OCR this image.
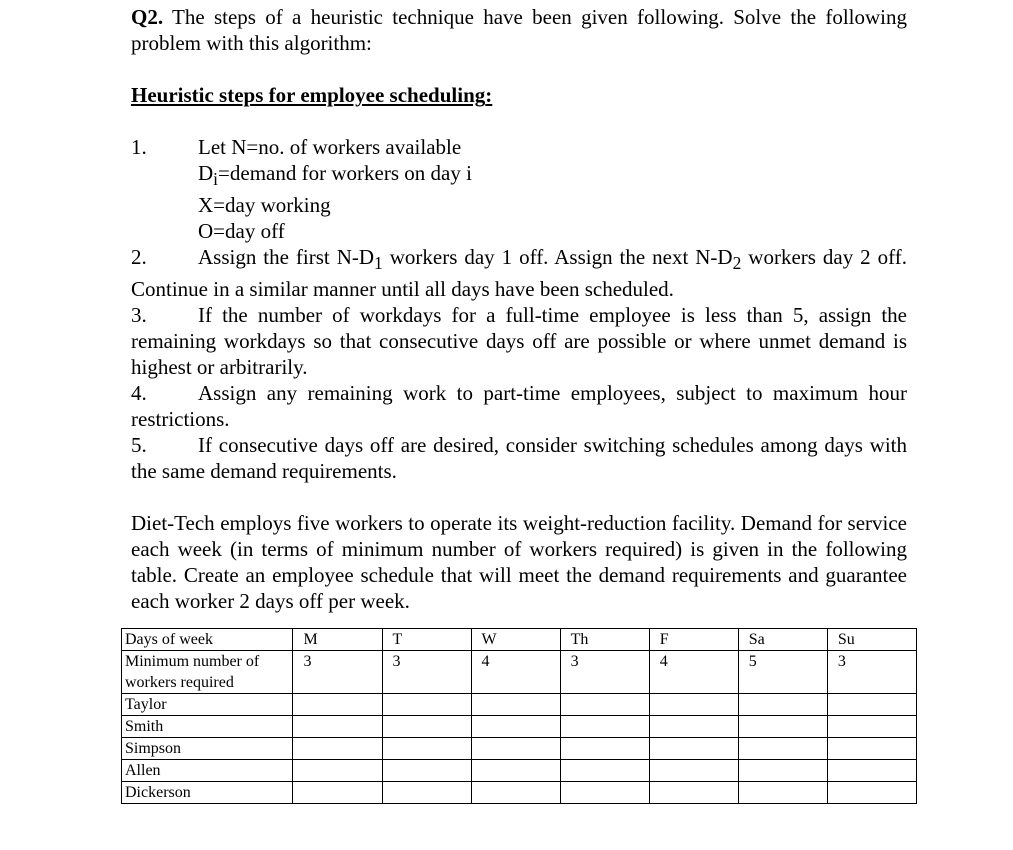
Q2. The steps of a heuristic technique have been given following. Solve the following problem with this algorithm:
Heuristic steps for employee scheduling:
1.	Let N=no. of workers available
$D_i=demand$ for workers on day i
X=day working
O=day off
2. Assign the first $N-D_1$ workers day 1 off. Assign the next $N-D_2$ workers day 2 off. Continue in a similar manner until all days have been scheduled.
3. If the number of workdays for a full-time employee is less than 5, assign the remaining workdays so that consecutive days off are possible or where unmet demand is highest or arbitrarily.
4. Assign any remaining work to part-time employees, subject to maximum hour restrictions.
5. If consecutive days off are desired, consider switching schedules among days with the same demand requirements.
Diet-Tech employs five workers to operate its weight-reduction facility. Demand for service each week (in terms of minimum number of workers required) is given in the following table. Create an employee schedule that will meet the demand requirements and guarantee each worker 2 days off per week.
Days of week	M	T	W	Th	F	Sa	Su
Minimum number of workers required	3	3	4	3	4	5	3
Taylor							
Smith							
Simpson							
Allen							
Dickerson							
